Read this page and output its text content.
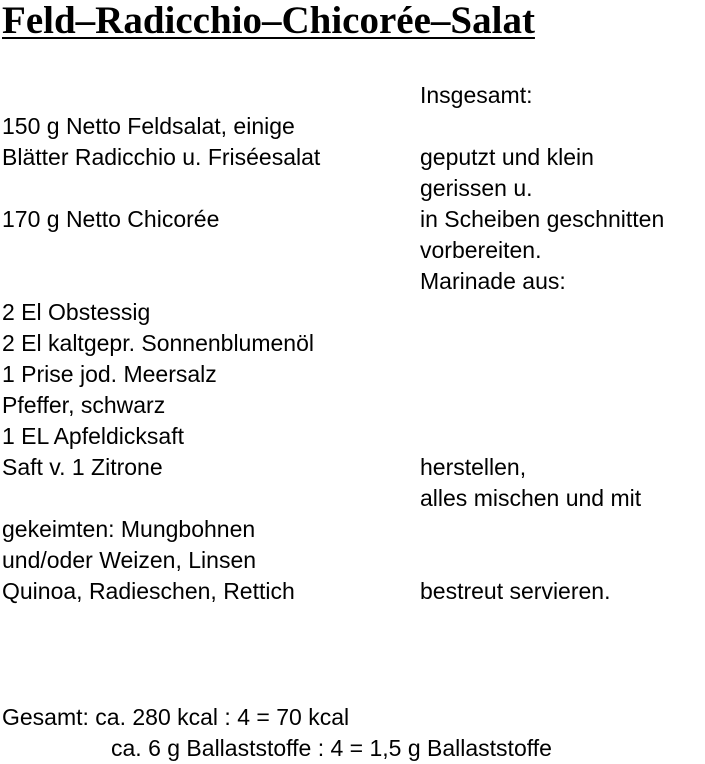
Feld–Radicchio–Chicorée–Salat
Insgesamt:
150 g Netto Feldsalat, einige
Blätter Radicchio u. Friséesalat	geputzt und klein
gerissen u.
170 g Netto Chicorée	in Scheiben geschnitten
vorbereiten.
Marinade aus:
2 El Obstessig
2 El kaltgepr. Sonnenblumenöl
1 Prise jod. Meersalz
Pfeffer, schwarz
1 EL Apfeldicksaft
Saft v. 1 Zitrone	herstellen,
alles mischen und mit
gekeimten: Mungbohnen
und/oder Weizen, Linsen
Quinoa, Radieschen, Rettich	bestreut servieren.
Gesamt: ca. 280 kcal : 4 = 70 kcal
ca. 6 g Ballaststoffe : 4 = 1,5 g Ballaststoffe
